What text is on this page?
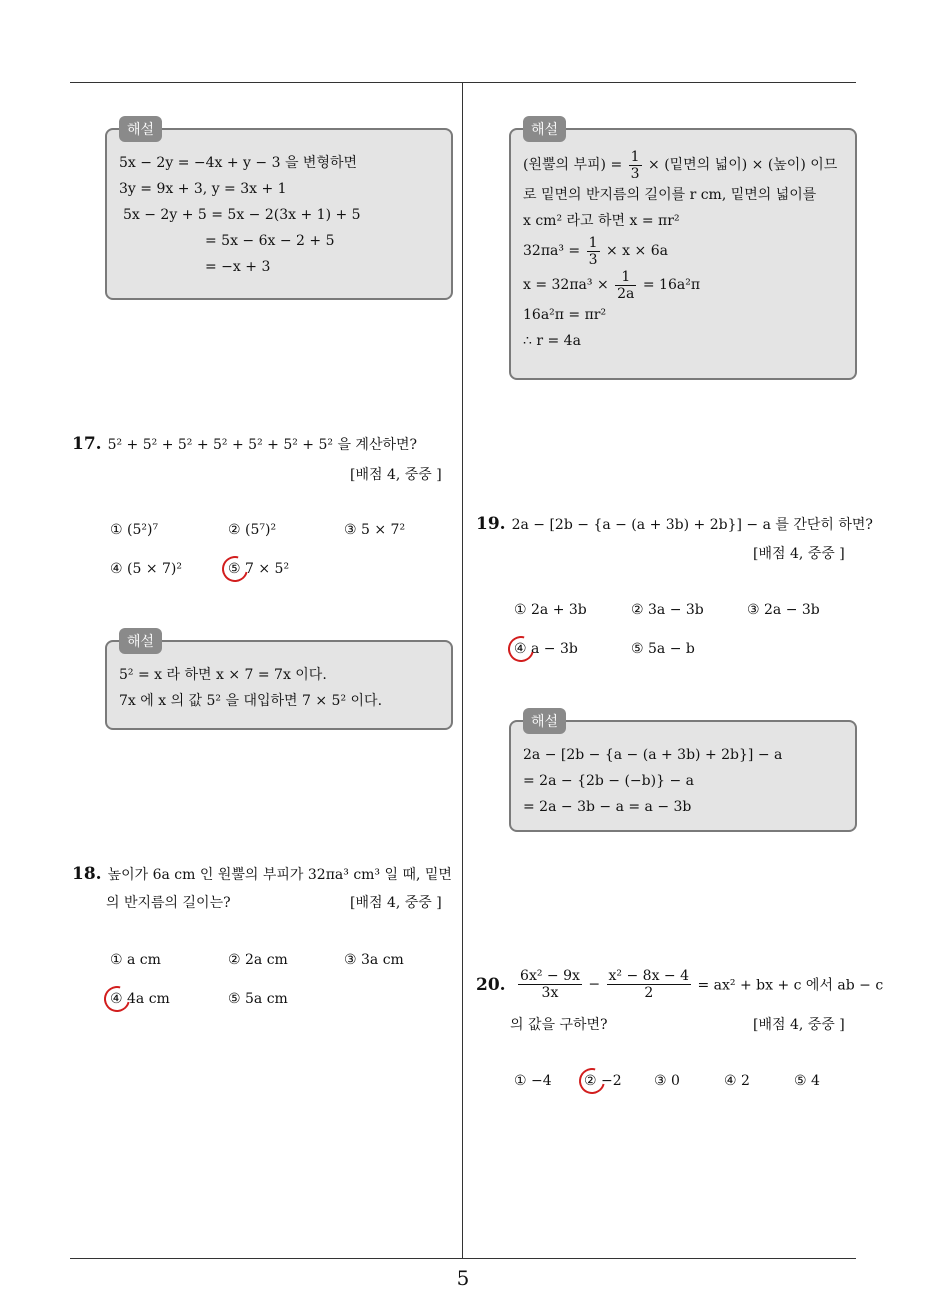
해설
5x − 2y = −4x + y − 3 을 변형하면
3y = 9x + 3, y = 3x + 1
5x − 2y + 5 = 5x − 2(3x + 1) + 5
= 5x − 6x − 2 + 5
= −x + 3
17. 5² + 5² + 5² + 5² + 5² + 5² + 5² 을 계산하면?
[배점 4, 중중 ]
① (5²)⁷	② (5⁷)²	③ 5 × 7²
④ (5 × 7)²	⑤ 7 × 5²
해설
5² = x 라 하면 x × 7 = 7x 이다.
7x 에 x 의 값 5² 을 대입하면 7 × 5² 이다.
18. 높이가 6a cm 인 원뿔의 부피가 32πa³ cm³ 일 때, 밑면
의 반지름의 길이는?	[배점 4, 중중 ]
① a cm	② 2a cm	③ 3a cm
④ 4a cm	⑤ 5a cm
해설
(원뿔의 부피) = $\frac{1}{3}$ × (밑면의 넓이) × (높이) 이므
로 밑면의 반지름의 길이를 r cm, 밑면의 넓이를
x cm² 라고 하면 x = πr²
$32\pi a^3 = \frac{1}{3} \times x \times 6a$
$x = 32\pi a^3 \times \frac{1}{2a} = 16a^2\pi$
16a²π = πr²
∴ r = 4a
19. 2a − [2b − {a − (a + 3b) + 2b}] − a 를 간단히 하면?
[배점 4, 중중 ]
① 2a + 3b	② 3a − 3b	③ 2a − 3b
④ a − 3b	⑤ 5a − b
해설
2a − [2b − {a − (a + 3b) + 2b}] − a
= 2a − {2b − (−b)} − a
= 2a − 3b − a = a − 3b
20. $\frac{\text{6x² − 9x}}{3x} - \frac{\text{x² − 8x − 4}}{2} = ax^2$ + bx + c 에서 ab − c
의 값을 구하면?	[배점 4, 중중 ]
① −4 ② −2 ③ 0	④ 2	⑤ 4
5
